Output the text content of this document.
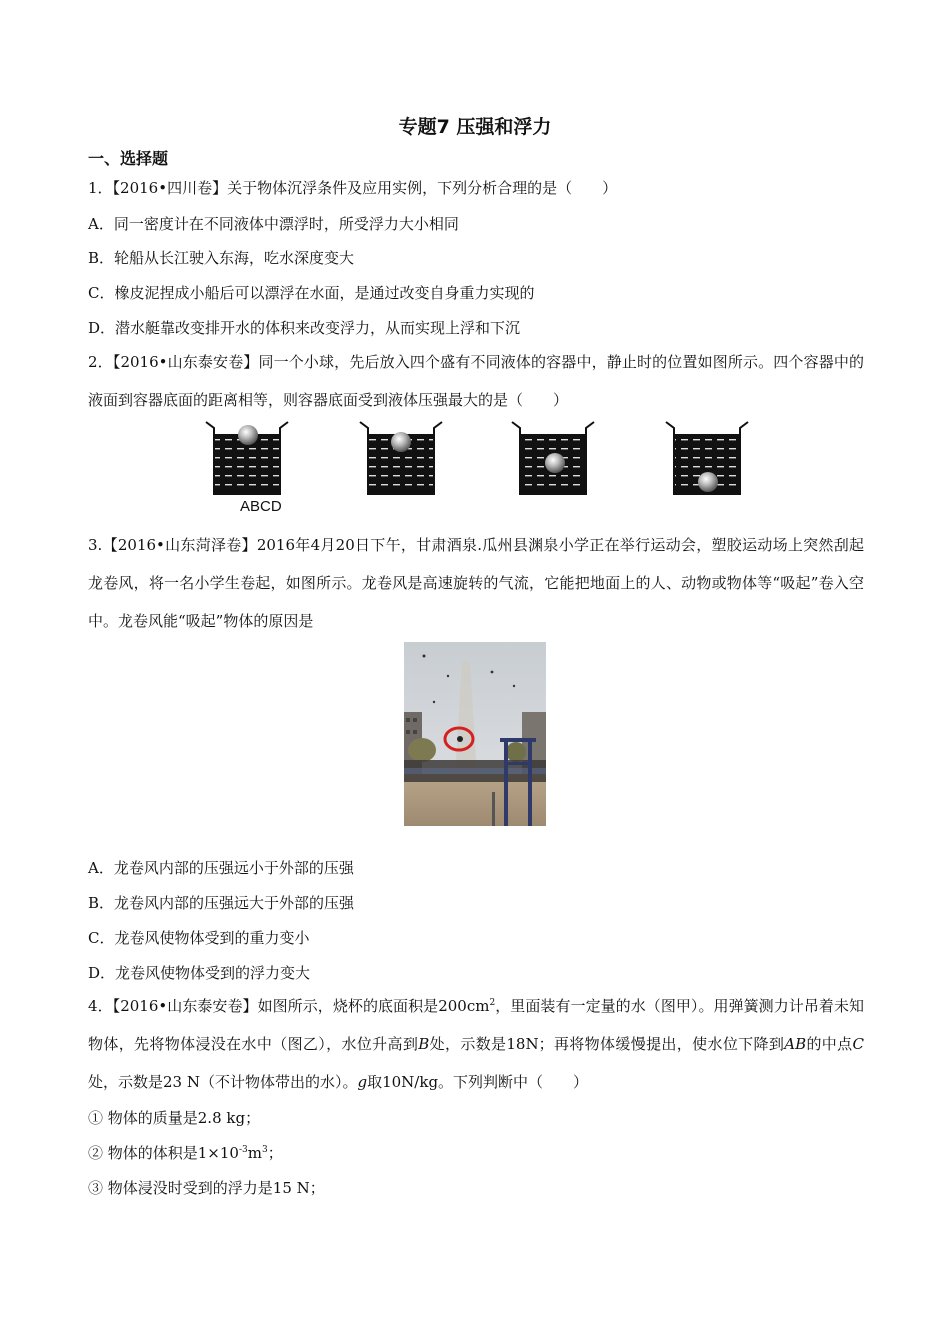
专题7 压强和浮力
一、选择题
1．【2016•四川卷】关于物体沉浮条件及应用实例，下列分析合理的是（　　）
A．同一密度计在不同液体中漂浮时，所受浮力大小相同
B．轮船从长江驶入东海，吃水深度变大
C．橡皮泥捏成小船后可以漂浮在水面，是通过改变自身重力实现的
D．潜水艇靠改变排开水的体积来改变浮力，从而实现上浮和下沉
2．【2016•山东泰安卷】同一个小球，先后放入四个盛有不同液体的容器中，静止时的位置如图所示。四个容器中的液面到容器底面的距离相等，则容器底面受到液体压强最大的是（　　）
ABCD
3.【2016•山东菏泽卷】2016年4月20日下午，甘肃酒泉.瓜州县渊泉小学正在举行运动会，塑胶运动场上突然刮起龙卷风，将一名小学生卷起，如图所示。龙卷风是高速旋转的气流，它能把地面上的人、动物或物体等“吸起”卷入空中。龙卷风能“吸起”物体的原因是
A．龙卷风内部的压强远小于外部的压强
B．龙卷风内部的压强远大于外部的压强
C．龙卷风使物体受到的重力变小
D．龙卷风使物体受到的浮力变大
4．【2016•山东泰安卷】如图所示，烧杯的底面积是$200cm^2$，里面装有一定量的水（图甲）。用弹簧测力计吊着未知物体，先将物体浸没在水中（图乙），水位升高到B处，示数是18N；再将物体缓慢提出，使水位下降到AB的中点C处，示数是23 N（不计物体带出的水）。g取10N/kg。下列判断中（　　）
① 物体的质量是2.8 kg；
② 物体的体积是$1\times 10^{-3}m^3$；
③ 物体浸没时受到的浮力是15 N；
